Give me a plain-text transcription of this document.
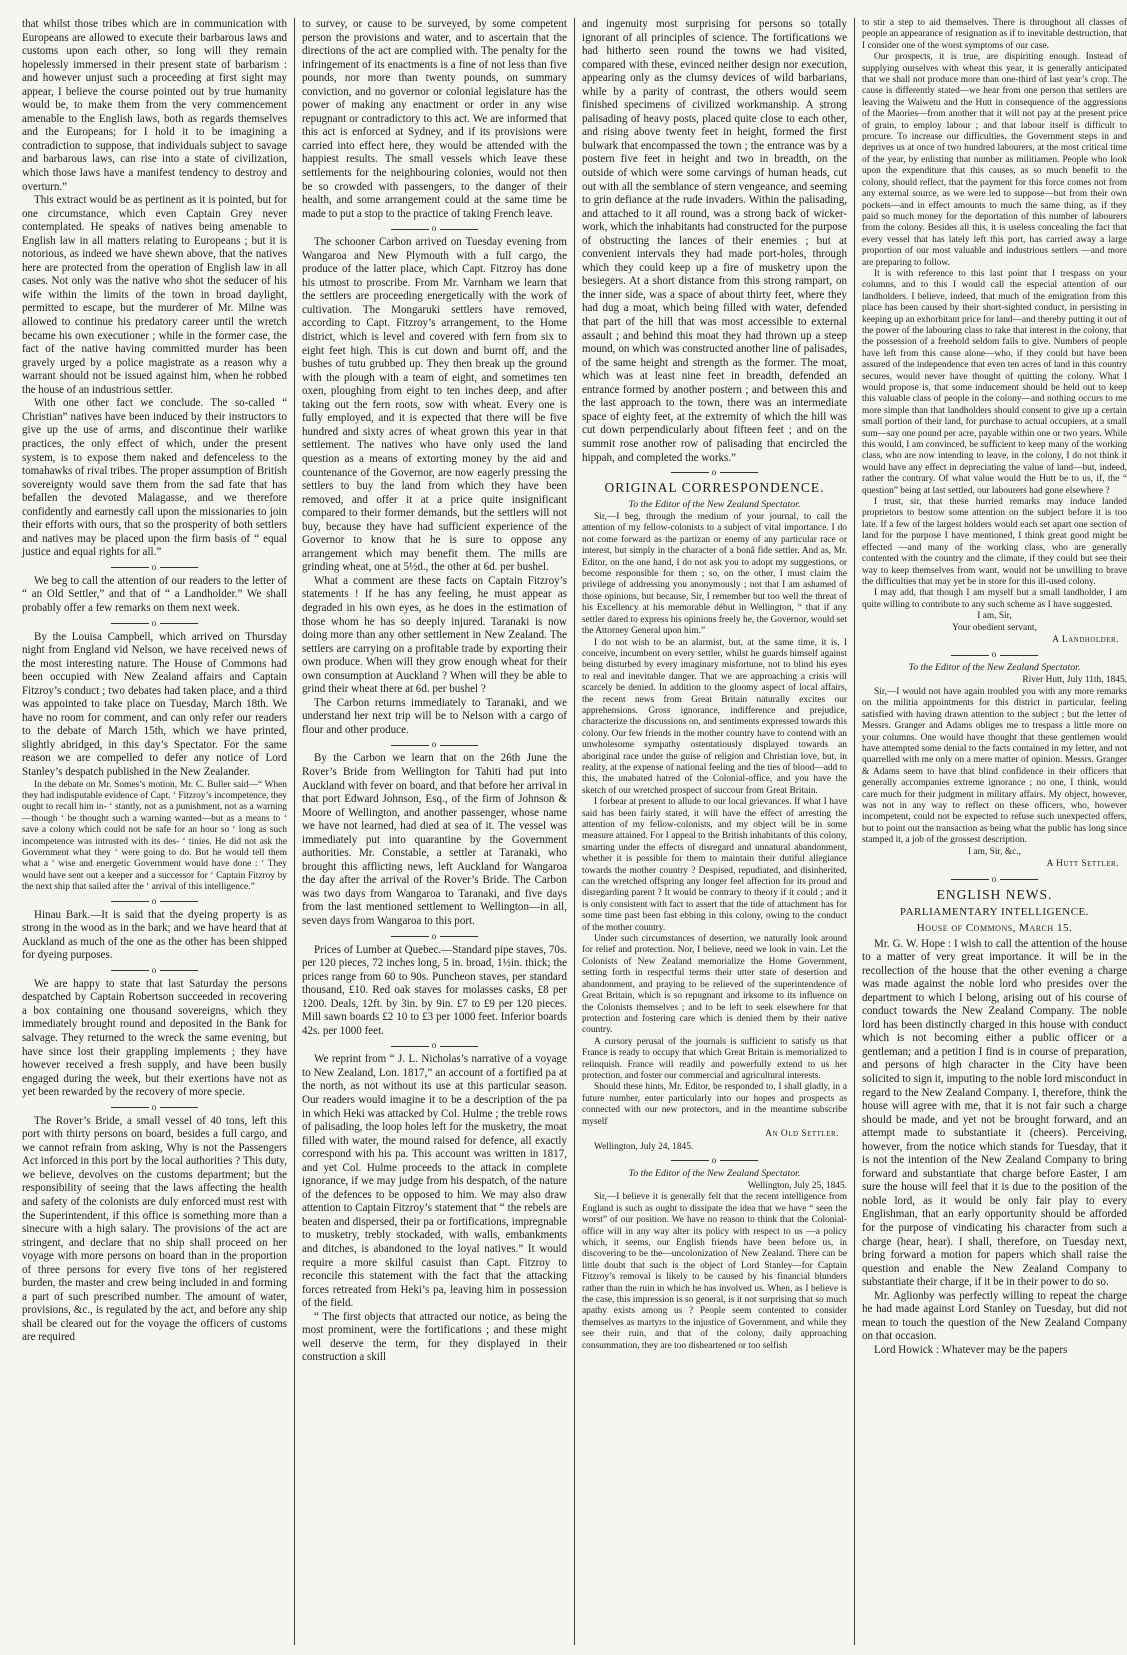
that whilst those tribes which are in communication with Europeans are allowed to execute their barbarous laws and customs upon each other, so long will they remain hopelessly immersed in their present state of barbarism : and however unjust such a proceeding at first sight may appear, I believe the course pointed out by true humanity would be, to make them from the very commencement amenable to the English laws, both as regards themselves and the Europeans; for I hold it to be imagining a contradiction to suppose, that individuals subject to savage and barbarous laws, can rise into a state of civilization, which those laws have a manifest tendency to destroy and overturn.”

This extract would be as pertinent as it is pointed, but for one circumstance, which even Captain Grey never contemplated. He speaks of natives being amenable to English law in all matters relating to Europeans ; but it is notorious, as indeed we have shewn above, that the natives here are protected from the operation of English law in all cases. Not only was the native who shot the seducer of his wife within the limits of the town in broad daylight, permitted to escape, but the murderer of Mr. Milne was allowed to continue his predatory career until the wretch became his own executioner ; while in the former case, the fact of the native having committed murder has been gravely urged by a police magistrate as a reason why a warrant should not be issued against him, when he robbed the house of an industrious settler.

With one other fact we conclude. The so-called “ Christian” natives have been induced by their instructors to give up the use of arms, and discontinue their warlike practices, the only effect of which, under the present system, is to expose them naked and defenceless to the tomahawks of rival tribes. The proper assumption of British sovereignty would save them from the sad fate that has befallen the devoted Malagasse, and we therefore confidently and earnestly call upon the missionaries to join their efforts with ours, that so the prosperity of both settlers and natives may be placed upon the firm basis of “ equal justice and equal rights for all.”

o

We beg to call the attention of our readers to the letter of “ an Old Settler,” and that of “ a Landholder.” We shall probably offer a few remarks on them next week.

o

By the Louisa Campbell, which arrived on Thursday night from England vid Nelson, we have received news of the most interesting nature. The House of Commons had been occupied with New Zealand affairs and Captain Fitzroy’s conduct ; two debates had taken place, and a third was appointed to take place on Tuesday, March 18th. We have no room for comment, and can only refer our readers to the debate of March 15th, which we have printed, slightly abridged, in this day’s Spectator. For the same reason we are compelled to defer any notice of Lord Stanley’s despatch published in the New Zealander.

In the debate on Mr. Somes’s motion, Mr. C. Buller said—“ When they had indisputable evidence of Capt. ‘ Fitzroy’s incompetence, they ought to recall him in- ‘ stantly, not as a punishment, not as a warning—though ‘ be thought such a warning wanted—but as a means to ‘ save a colony which could not be safe for an hour so ‘ long as such incompetence was intrusted with its des- ‘ tinies. He did not ask the Government what they ‘ were going to do. But he would tell them what a ‘ wise and energetic Government would have done : ‘ They would have sent out a keeper and a successor for ‘ Captain Fitzroy by the next ship that sailed after the ‘ arrival of this intelligence.”

o

Hinau Bark.—It is said that the dyeing property is as strong in the wood as in the bark; and we have heard that at Auckland as much of the one as the other has been shipped for dyeing purposes.

o

We are happy to state that last Saturday the persons despatched by Captain Robertson succeeded in recovering a box containing one thousand sovereigns, which they immediately brought round and deposited in the Bank for salvage. They returned to the wreck the same evening, but have since lost their grappling implements ; they have however received a fresh supply, and have been busily engaged during the week, but their exertions have not as yet been rewarded by the recovery of more specie.

o

The Rover’s Bride, a small vessel of 40 tons, left this port with thirty persons on board, besides a full cargo, and we cannot refrain from asking, Why is not the Passengers Act inforced in this port by the local authorities ? This duty, we believe, devolves on the customs department; but the responsibility of seeing that the laws affecting the health and safety of the colonists are duly enforced must rest with the Superintendent, if this office is something more than a sinecure with a high salary. The provisions of the act are stringent, and declare that no ship shall proceed on her voyage with more persons on board than in the proportion of three persons for every five tons of her registered burden, the master and crew being included in and forming a part of such prescribed number. The amount of water, provisions, &c., is regulated by the act, and before any ship shall be cleared out for the voyage the officers of customs are required

to survey, or cause to be surveyed, by some competent person the provisions and water, and to ascertain that the directions of the act are complied with. The penalty for the infringement of its enactments is a fine of not less than five pounds, nor more than twenty pounds, on summary conviction, and no governor or colonial legislature has the power of making any enactment or order in any wise repugnant or contradictory to this act. We are informed that this act is enforced at Sydney, and if its provisions were carried into effect here, they would be attended with the happiest results. The small vessels which leave these settlements for the neighbouring colonies, would not then be so crowded with passengers, to the danger of their health, and some arrangement could at the same time be made to put a stop to the practice of taking French leave.

o

The schooner Carbon arrived on Tuesday evening from Wangaroa and New Plymouth with a full cargo, the produce of the latter place, which Capt. Fitzroy has done his utmost to proscribe. From Mr. Varnham we learn that the settlers are proceeding energetically with the work of cultivation. The Mongaruki settlers have removed, according to Capt. Fitzroy’s arrangement, to the Home district, which is level and covered with fern from six to eight feet high. This is cut down and burnt off, and the bushes of tutu grubbed up. They then break up the ground with the plough with a team of eight, and sometimes ten oxen, ploughing from eight to ten inches deep, and after taking out the fern roots, sow with wheat. Every one is fully employed, and it is expected that there will be five hundred and sixty acres of wheat grown this year in that settlement. The natives who have only used the land question as a means of extorting money by the aid and countenance of the Governor, are now eagerly pressing the settlers to buy the land from which they have been removed, and offer it at a price quite insignificant compared to their former demands, but the settlers will not buy, because they have had sufficient experience of the Governor to know that he is sure to oppose any arrangement which may benefit them. The mills are grinding wheat, one at 5½d., the other at 6d. per bushel.

What a comment are these facts on Captain Fitzroy’s statements ! If he has any feeling, he must appear as degraded in his own eyes, as he does in the estimation of those whom he has so deeply injured. Taranaki is now doing more than any other settlement in New Zealand. The settlers are carrying on a profitable trade by exporting their own produce. When will they grow enough wheat for their own consumption at Auckland ? When will they be able to grind their wheat there at 6d. per bushel ?

The Carbon returns immediately to Taranaki, and we understand her next trip will be to Nelson with a cargo of flour and other produce.

o

By the Carbon we learn that on the 26th June the Rover’s Bride from Wellington for Tahiti had put into Auckland with fever on board, and that before her arrival in that port Edward Johnson, Esq., of the firm of Johnson & Moore of Wellington, and another passenger, whose name we have not learned, had died at sea of it. The vessel was immediately put into quarantine by the Government authorities. Mr. Constable, a settler at Taranaki, who brought this afflicting news, left Auckland for Wangaroa the day after the arrival of the Rover’s Bride. The Carbon was two days from Wangaroa to Taranaki, and five days from the last mentioned settlement to Wellington—in all, seven days from Wangaroa to this port.

o

Prices of Lumber at Quebec.—Standard pipe staves, 70s. per 120 pieces, 72 inches long, 5 in. broad, 1½in. thick; the prices range from 60 to 90s. Puncheon staves, per standard thousand, £10. Red oak staves for molasses casks, £8 per 1200. Deals, 12ft. by 3in. by 9in. £7 to £9 per 120 pieces. Mill sawn boards £2 10 to £3 per 1000 feet. Inferior boards 42s. per 1000 feet.

o

We reprint from “ J. L. Nicholas’s narrative of a voyage to New Zealand, Lon. 1817,” an account of a fortified pa at the north, as not without its use at this particular season. Our readers would imagine it to be a description of the pa in which Heki was attacked by Col. Hulme ; the treble rows of palisading, the loop holes left for the musketry, the moat filled with water, the mound raised for defence, all exactly correspond with his pa. This account was written in 1817, and yet Col. Hulme proceeds to the attack in complete ignorance, if we may judge from his despatch, of the nature of the defences to be opposed to him. We may also draw attention to Captain Fitzroy’s statement that “ the rebels are beaten and dispersed, their pa or fortifications, impregnable to musketry, trebly stockaded, with walls, embankments and ditches, is abandoned to the loyal natives.” It would require a more skilful casuist than Capt. Fitzroy to reconcile this statement with the fact that the attacking forces retreated from Heki’s pa, leaving him in possession of the field.

“ The first objects that attracted our notice, as being the most prominent, were the fortifications ; and these might well deserve the term, for they displayed in their construction a skill

and ingenuity most surprising for persons so totally ignorant of all principles of science. The fortifications we had hitherto seen round the towns we had visited, compared with these, evinced neither design nor execution, appearing only as the clumsy devices of wild barbarians, while by a parity of contrast, the others would seem finished specimens of civilized workmanship. A strong palisading of heavy posts, placed quite close to each other, and rising above twenty feet in height, formed the first bulwark that encompassed the town ; the entrance was by a postern five feet in height and two in breadth, on the outside of which were some carvings of human heads, cut out with all the semblance of stern vengeance, and seeming to grin defiance at the rude invaders. Within the palisading, and attached to it all round, was a strong back of wicker-work, which the inhabitants had constructed for the purpose of obstructing the lances of their enemies ; but at convenient intervals they had made port-holes, through which they could keep up a fire of musketry upon the besiegers. At a short distance from this strong rampart, on the inner side, was a space of about thirty feet, where they had dug a moat, which being filled with water, defended that part of the hill that was most accessible to external assault ; and behind this moat they had thrown up a steep mound, on which was constructed another line of palisades, of the same height and strength as the former. The moat, which was at least nine feet in breadth, defended an entrance formed by another postern ; and between this and the last approach to the town, there was an intermediate space of eighty feet, at the extremity of which the hill was cut down perpendicularly about fifteen feet ; and on the summit rose another row of palisading that encircled the hippah, and completed the works.”

o
ORIGINAL CORRESPONDENCE.
To the Editor of the New Zealand Spectator.

Sir,—I beg, through the medium of your journal, to call the attention of my fellow-colonists to a subject of vital importance. I do not come forward as the partizan or enemy of any particular race or interest, but simply in the character of a bonâ fide settler. And as, Mr. Editor, on the one hand, I do not ask you to adopt my suggestions, or become responsible for them ; so, on the other, I must claim the privilege of addressing you anonymously ; not that I am ashamed of those opinions, but because, Sir, I remember but too well the threat of his Excellency at his memorable début in Wellington, “ that if any settler dared to express his opinions freely he, the Governor, would set the Attorney General upon him.”

I do not wish to be an alarmist, but, at the same time, it is, I conceive, incumbent on every settler, whilst he guards himself against being disturbed by every imaginary misfortune, not to blind his eyes to real and inevitable danger. That we are approaching a crisis will scarcely be denied. In addition to the gloomy aspect of local affairs, the recent news from Great Britain naturally excites our apprehensions. Gross ignorance, indifference and prejudice, characterize the discussions on, and sentiments expressed towards this colony. Our few friends in the mother country have to contend with an unwholesome sympathy ostentatiously displayed towards an aboriginal race under the guise of religion and Christian love, but, in reality, at the expense of national feeling and the ties of blood—add to this, the unabated hatred of the Colonial-office, and you have the sketch of our wretched prospect of succour from Great Britain.

I forbear at present to allude to our local grievances. If what I have said has been fairly stated, it will have the effect of arresting the attention of my fellow-colonists, and my object will be in some measure attained. For I appeal to the British inhabitants of this colony, smarting under the effects of disregard and unnatural abandonment, whether it is possible for them to maintain their dutiful allegiance towards the mother country ? Despised, repudiated, and disinherited, can the wretched offspring any longer feel affection for its proud and disregarding parent ? It would be contrary to theory if it could ; and it is only consistent with fact to assert that the tide of attachment has for some time past been fast ebbing in this colony, owing to the conduct of the mother country.

Under such circumstances of desertion, we naturally look around for relief and protection. Nor, I believe, need we look in vain. Let the Colonists of New Zealand memorialize the Home Government, setting forth in respectful terms their utter state of desertion and abandonment, and praying to be relieved of the superintendence of Great Britain, which is so repugnant and irksome to its influence on the Colonists themselves ; and to be left to seek elsewhere for that protection and fostering care which is denied them by their native country.

A cursory perusal of the journals is sufficient to satisfy us that France is ready to occupy that which Great Britain is memorialized to relinquish. France will readily and powerfully extend to us her protection, and foster our commercial and agricultural interests.

Should these hints, Mr. Editor, be responded to, I shall gladly, in a future number, enter particularly into our hopes and prospects as connected with our new protectors, and in the meantime subscribe myself

An Old Settler.

Wellington, July 24, 1845.

o
To the Editor of the New Zealand Spectator.
Wellington, July 25, 1845.

Sir,—I believe it is generally felt that the recent intelligence from England is such as ought to dissipate the idea that we have “ seen the worst” of our position. We have no reason to think that the Colonial-office will in any way alter its policy with respect to us —a policy which, it seems, our English friends have been before us, in discovering to be the—uncolonization of New Zealand. There can be little doubt that such is the object of Lord Stanley—for Captain Fitzroy’s removal is likely to be caused by his financial blunders rather than the ruin in which he has involved us. When, as I believe is the case, this impression is so general, is it not surprising that so much apathy exists among us ? People seem contented to consider themselves as martyrs to the injustice of Government, and while they see their ruin, and that of the colony, daily approaching consummation, they are too disheartened or too selfish

to stir a step to aid themselves. There is throughout all classes of people an appearance of resignation as if to inevitable destruction, that I consider one of the worst symptoms of our case.

Our prospects, it is true, are dispiriting enough. Instead of supplying ourselves with wheat this year, it is generally anticipated that we shall not produce more than one-third of last year’s crop. The cause is differently stated—we hear from one person that settlers are leaving the Waiwetu and the Hutt in consequence of the aggressions of the Maories—from another that it will not pay at the present price of grain, to employ labour ; and that labour itself is difficult to procure. To increase our difficulties, the Government steps in and deprives us at once of two hundred labourers, at the most critical time of the year, by enlisting that number as militiamen. People who look upon the expenditure that this causes, as so much benefit to the colony, should reflect, that the payment for this force comes not from any external source, as we were led to suppose—but from their own pockets—and in effect amounts to much the same thing, as if they paid so much money for the deportation of this number of labourers from the colony. Besides all this, it is useless concealing the fact that every vessel that has lately left this port, has carried away a large proportion of our most valuable and industrious settlers —and more are preparing to follow.

It is with reference to this last point that I trespass on your columns, and to this I would call the especial attention of our landholders. I believe, indeed, that much of the emigration from this place has been caused by their short-sighted conduct, in persisting in keeping up an exhorbitant price for land—and thereby putting it out of the power of the labouring class to take that interest in the colony, that the possession of a freehold seldom fails to give. Numbers of people have left from this cause alone—who, if they could but have been assured of the independence that even ten acres of land in this country secures, would never have thought of quitting the colony. What I would propose is, that some inducement should be held out to keep this valuable class of people in the colony—and nothing occurs to me more simple than that landholders should consent to give up a certain small portion of their land, for purchase to actual occupiers, at a small sum—say one pound per acre, payable within one or two years. While this would, I am convinced, be sufficient to keep many of the working class, who are now intending to leave, in the colony, I do not think it would have any effect in depreciating the value of land—but, indeed, rather the contrary. Of what value would the Hutt be to us, if, the “ question” being at last settled, our labourers had gone elsewhere ?

I trust, sir, that these hurried remarks may induce landed proprietors to bestow some attention on the subject before it is too late. If a few of the largest holders would each set apart one section of land for the purpose I have mentioned, I think great good might be effected —and many of the working class, who are generally contented with the country and the climate, if they could but see their way to keep themselves from want, would not be unwilling to brave the difficulties that may yet be in store for this ill-used colony.

I may add, that though I am myself but a small landholder, I am quite willing to contribute to any such scheme as I have suggested.

I am, Sir,
Your obedient servant,
A Landholder.
o
To the Editor of the New Zealand Spectator.
River Hutt, July 11th, 1845.

Sir,—I would not have again troubled you with any more remarks on the militia appointments for this district in particular, feeling satisfied with having drawn attention to the subject ; but the letter of Messrs. Granger and Adams obliges me to trespass a little more on your columns. One would have thought that these gentlemen would have attempted some denial to the facts contained in my letter, and not quarrelled with me only on a mere matter of opinion. Messrs. Granger & Adams seem to have that blind confidence in their officers that generally accompanies extreme ignorance ; no one, I think, would care much for their judgment in military affairs. My object, however, was not in any way to reflect on these officers, who, however incompetent, could not be expected to refuse such unexpected offers, but to point out the transaction as being what the public has long since stamped it, a job of the grossest description.

I am, Sir, &c.,
A Hutt Settler.
o
ENGLISH NEWS.
PARLIAMENTARY INTELLIGENCE.
House of Commons, March 15.

Mr. G. W. Hope : I wish to call the attention of the house to a matter of very great importance. It will be in the recollection of the house that the other evening a charge was made against the noble lord who presides over the department to which I belong, arising out of his course of conduct towards the New Zealand Company. The noble lord has been distinctly charged in this house with conduct which is not becoming either a public officer or a gentleman; and a petition I find is in course of preparation, and persons of high character in the City have been solicited to sign it, imputing to the noble lord misconduct in regard to the New Zealand Company. I, therefore, think the house will agree with me, that it is not fair such a charge should be made, and yet not be brought forward, and an attempt made to substantiate it (cheers). Perceiving, however, from the notice which stands for Tuesday, that it is not the intention of the New Zealand Company to bring forward and substantiate that charge before Easter, I am sure the house will feel that it is due to the position of the noble lord, as it would be only fair play to every Englishman, that an early opportunity should be afforded for the purpose of vindicating his character from such a charge (hear, hear). I shall, therefore, on Tuesday next, bring forward a motion for papers which shall raise the question and enable the New Zealand Company to substantiate their charge, if it be in their power to do so.

Mr. Aglionby was perfectly willing to repeat the charge he had made against Lord Stanley on Tuesday, but did not mean to touch the question of the New Zealand Company on that occasion.

Lord Howick : Whatever may be the papers
